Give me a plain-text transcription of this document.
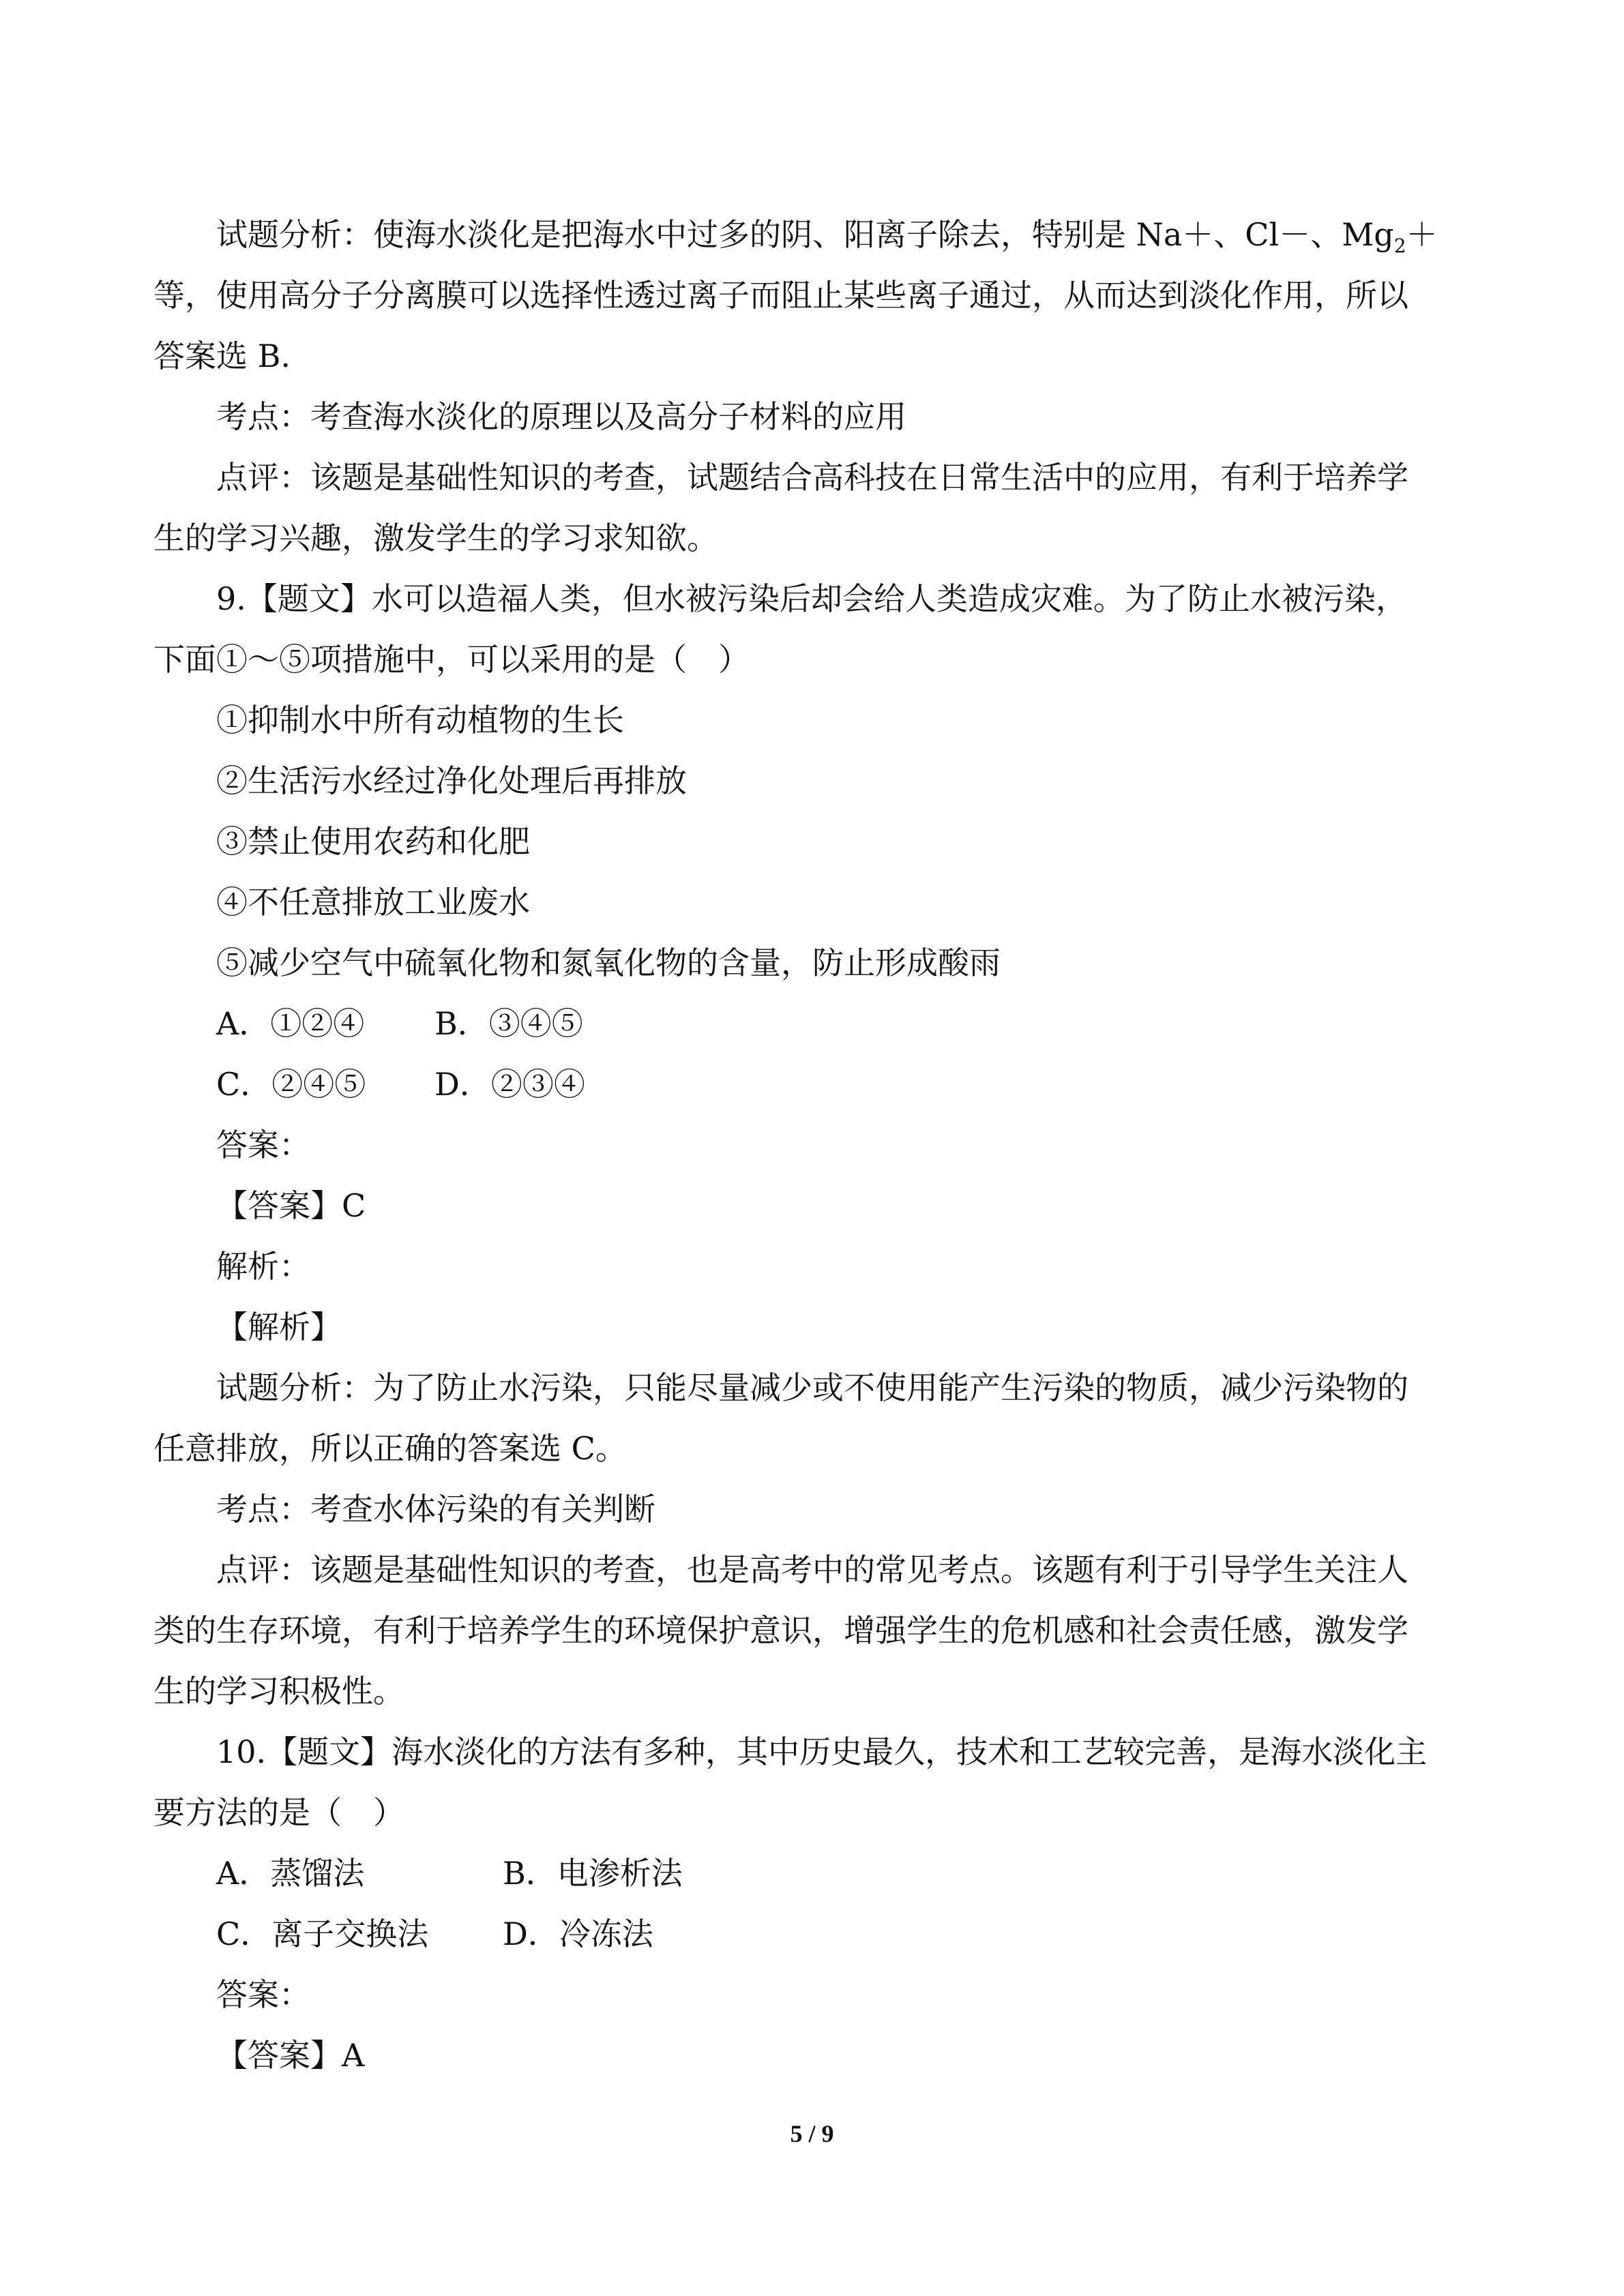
试题分析：使海水淡化是把海水中过多的阴、阳离子除去，特别是 Na＋、Cl－、$Mg_2+$

等，使用高分子分离膜可以选择性透过离子而阻止某些离子通过，从而达到淡化作用，所以

答案选 B.

考点：考查海水淡化的原理以及高分子材料的应用

点评：该题是基础性知识的考查，试题结合高科技在日常生活中的应用，有利于培养学

生的学习兴趣，激发学生的学习求知欲。

9.【题文】水可以造福人类，但水被污染后却会给人类造成灾难。为了防止水被污染，

下面①～⑤项措施中，可以采用的是（　）

①抑制水中所有动植物的生长

②生活污水经过净化处理后再排放

③禁止使用农药和化肥

④不任意排放工业废水

⑤减少空气中硫氧化物和氮氧化物的含量，防止形成酸雨

A．①②④ B．③④⑤

C．②④⑤ D．②③④

答案：

【答案】C

解析：

【解析】

试题分析：为了防止水污染，只能尽量减少或不使用能产生污染的物质，减少污染物的

任意排放，所以正确的答案选 C。

考点：考查水体污染的有关判断

点评：该题是基础性知识的考查，也是高考中的常见考点。该题有利于引导学生关注人

类的生存环境，有利于培养学生的环境保护意识，增强学生的危机感和社会责任感，激发学

生的学习积极性。

10.【题文】海水淡化的方法有多种，其中历史最久，技术和工艺较完善，是海水淡化主

要方法的是（　）

A．蒸馏法	B．电渗析法

C．离子交换法 D．冷冻法

答案：

【答案】A

5 / 9
